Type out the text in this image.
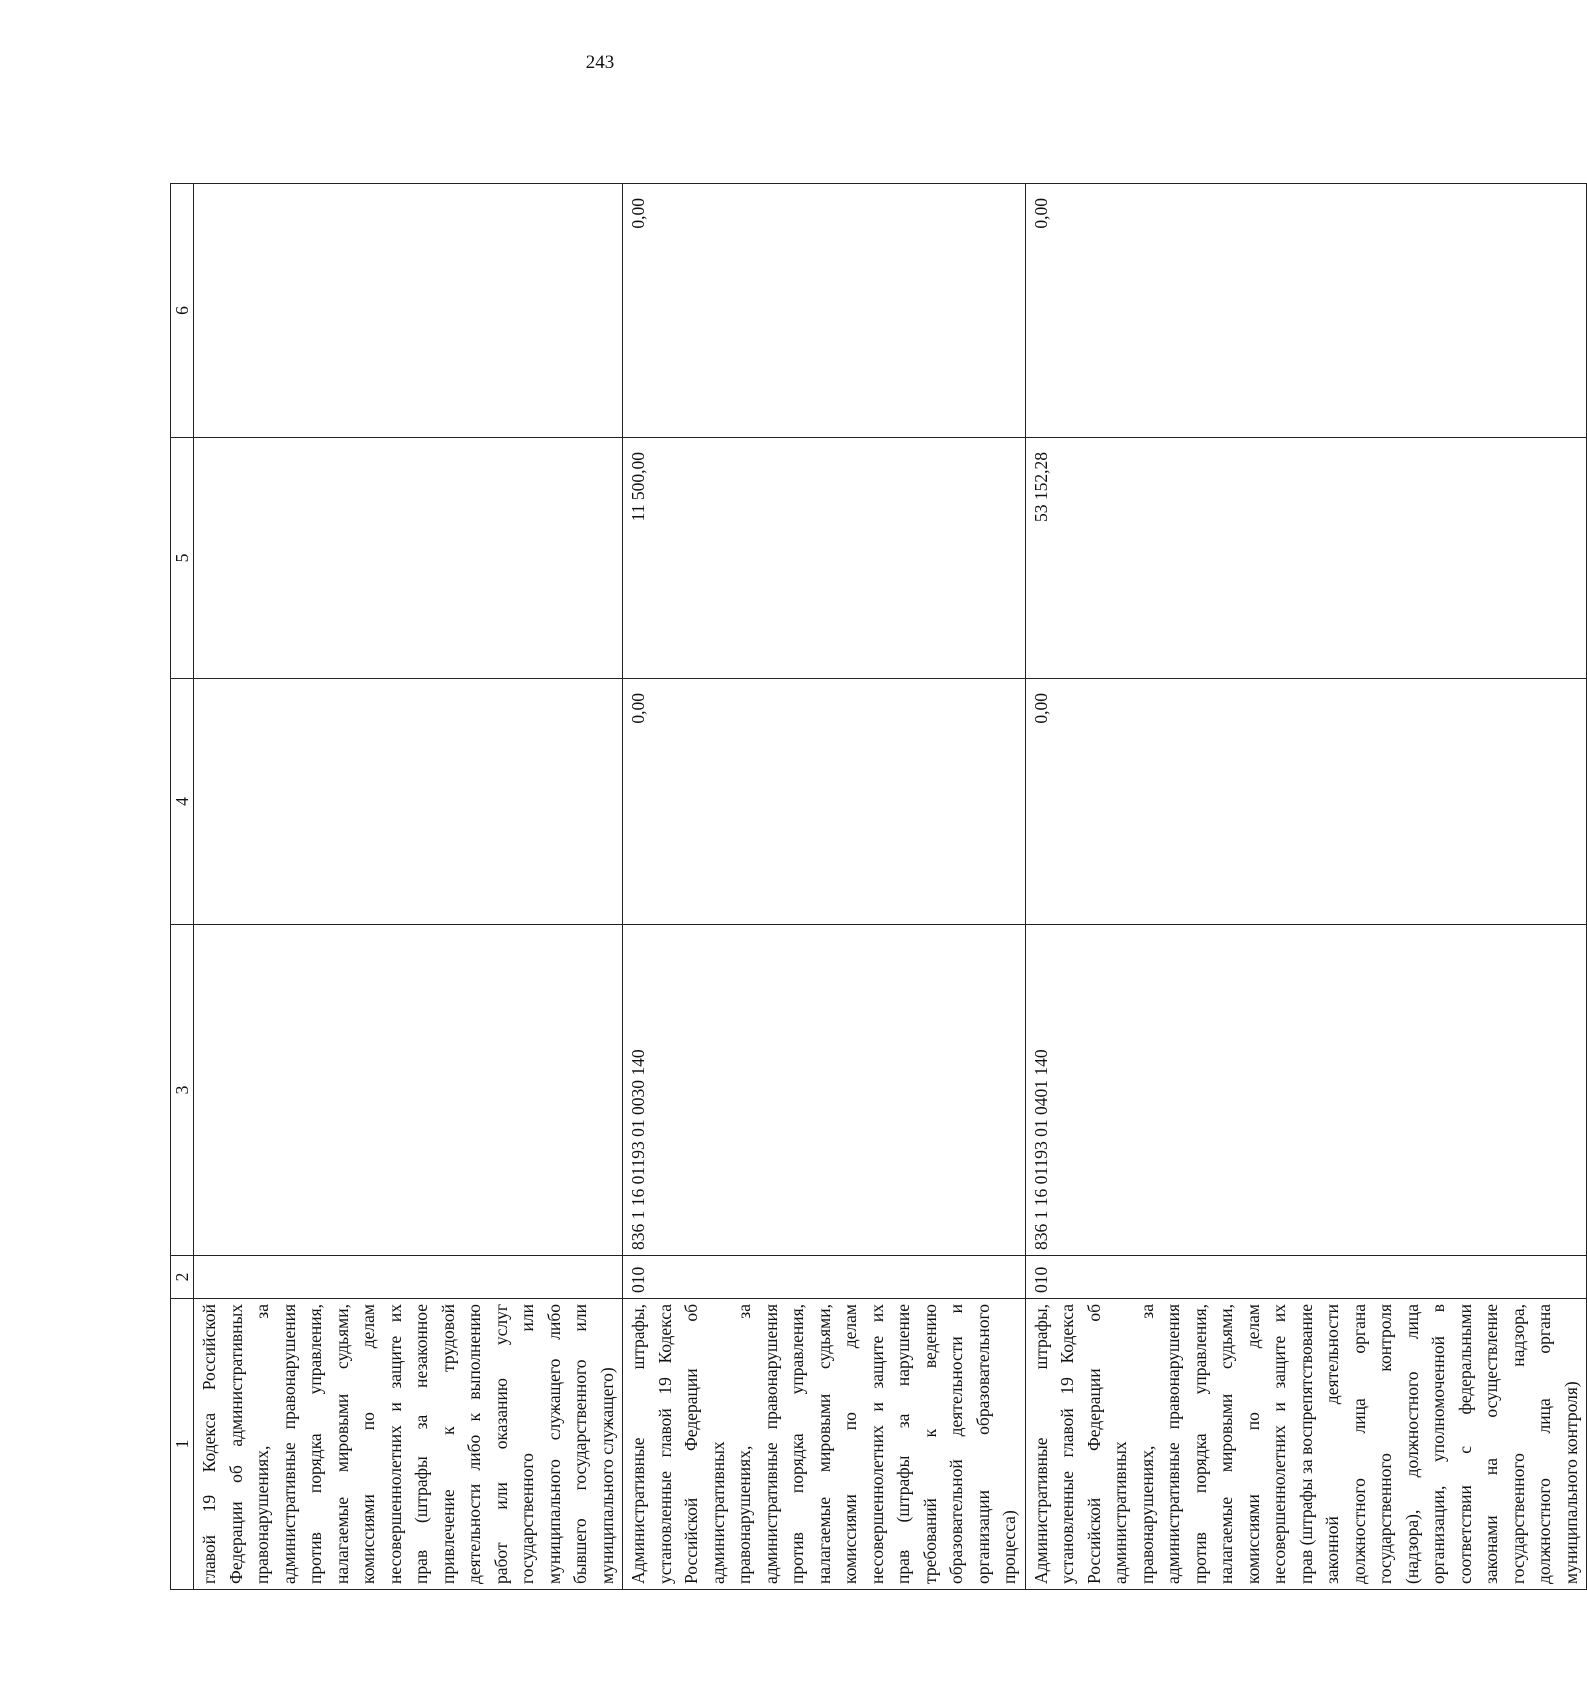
243
1	2	3	4	5	6
главой 19 Кодекса Российской Федерации об административных правонарушениях, за административные правонарушения против порядка управления, налагаемые мировыми судьями, комиссиями по делам несовершеннолетних и защите их прав (штрафы за незаконное привлечение к трудовой деятельности либо к выполнению работ или оказанию услуг государственного или муниципального служащего либо бывшего государственного или муниципального служащего)					
Административные штрафы, установленные главой 19 Кодекса Российской Федерации об административных правонарушениях, за административные правонарушения против порядка управления, налагаемые мировыми судьями, комиссиями по делам несовершеннолетних и защите их прав (штрафы за нарушение требований к ведению образовательной деятельности и организации образовательного процесса)	010	836 1 16 01193 01 0030 140	0,00	11 500,00	0,00
Административные штрафы, установленные главой 19 Кодекса Российской Федерации об административных правонарушениях, за административные правонарушения против порядка управления, налагаемые мировыми судьями, комиссиями по делам несовершеннолетних и защите их прав (штрафы за воспрепятствование законной деятельности должностного лица органа государственного контроля (надзора), должностного лица организации, уполномоченной в соответствии с федеральными законами на осуществление государственного надзора, должностного лица органа муниципального контроля)	010	836 1 16 01193 01 0401 140	0,00	53 152,28	0,00
